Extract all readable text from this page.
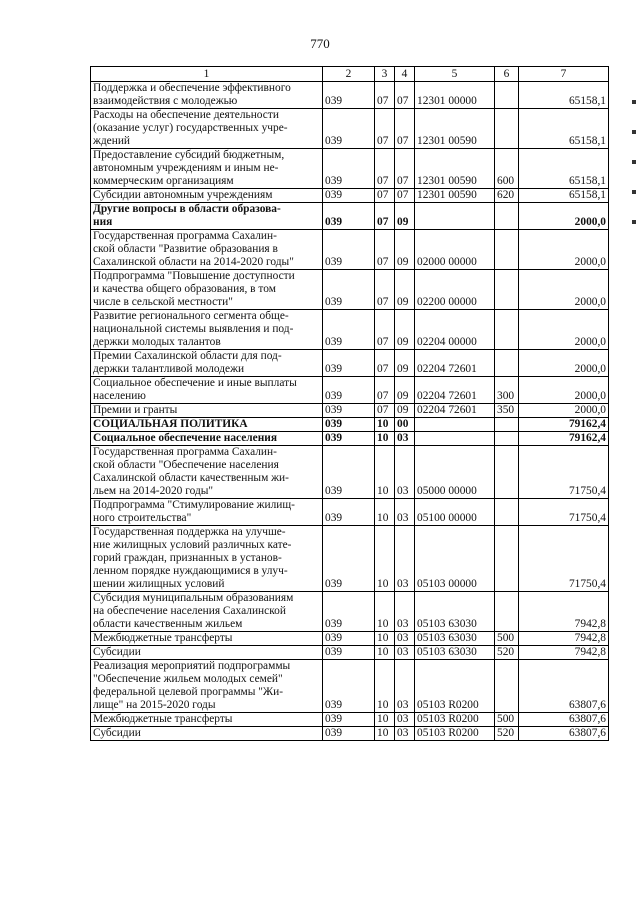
770
1	2	3	4	5	6	7
Поддержка и обеспечение эффективного
взаимодействия с молодежью	039	07	07	12301 00000		65158,1
Расходы на обеспечение деятельности
(оказание услуг) государственных учре-
ждений	039	07	07	12301 00590		65158,1
Предоставление субсидий бюджетным,
автономным учреждениям и иным не-
коммерческим организациям	039	07	07	12301 00590	600	65158,1
Субсидии автономным учреждениям	039	07	07	12301 00590	620	65158,1
Другие вопросы в области образова-
ния	039	07	09			2000,0
Государственная программа Сахалин-
ской области "Развитие образования в
Сахалинской области на 2014-2020 годы"	039	07	09	02000 00000		2000,0
Подпрограмма "Повышение доступности
и качества общего образования, в том
числе в сельской местности"	039	07	09	02200 00000		2000,0
Развитие регионального сегмента обще-
национальной системы выявления и под-
держки молодых талантов	039	07	09	02204 00000		2000,0
Премии Сахалинской области для под-
держки талантливой молодежи	039	07	09	02204 72601		2000,0
Социальное обеспечение и иные выплаты
населению	039	07	09	02204 72601	300	2000,0
Премии и гранты	039	07	09	02204 72601	350	2000,0
СОЦИАЛЬНАЯ ПОЛИТИКА	039	10	00			79162,4
Социальное обеспечение населения	039	10	03			79162,4
Государственная программа Сахалин-
ской области "Обеспечение населения
Сахалинской области качественным жи-
льем на 2014-2020 годы"	039	10	03	05000 00000		71750,4
Подпрограмма "Стимулирование жилищ-
ного строительства"	039	10	03	05100 00000		71750,4
Государственная поддержка на улучше-
ние жилищных условий различных кате-
горий граждан, признанных в установ-
ленном порядке нуждающимися в улуч-
шении жилищных условий	039	10	03	05103 00000		71750,4
Субсидия муниципальным образованиям
на обеспечение населения Сахалинской
области качественным жильем	039	10	03	05103 63030		7942,8
Межбюджетные трансферты	039	10	03	05103 63030	500	7942,8
Субсидии	039	10	03	05103 63030	520	7942,8
Реализация мероприятий подпрограммы
"Обеспечение жильем молодых семей"
федеральной целевой программы "Жи-
лище" на 2015-2020 годы	039	10	03	05103 R0200		63807,6
Межбюджетные трансферты	039	10	03	05103 R0200	500	63807,6
Субсидии	039	10	03	05103 R0200	520	63807,6
